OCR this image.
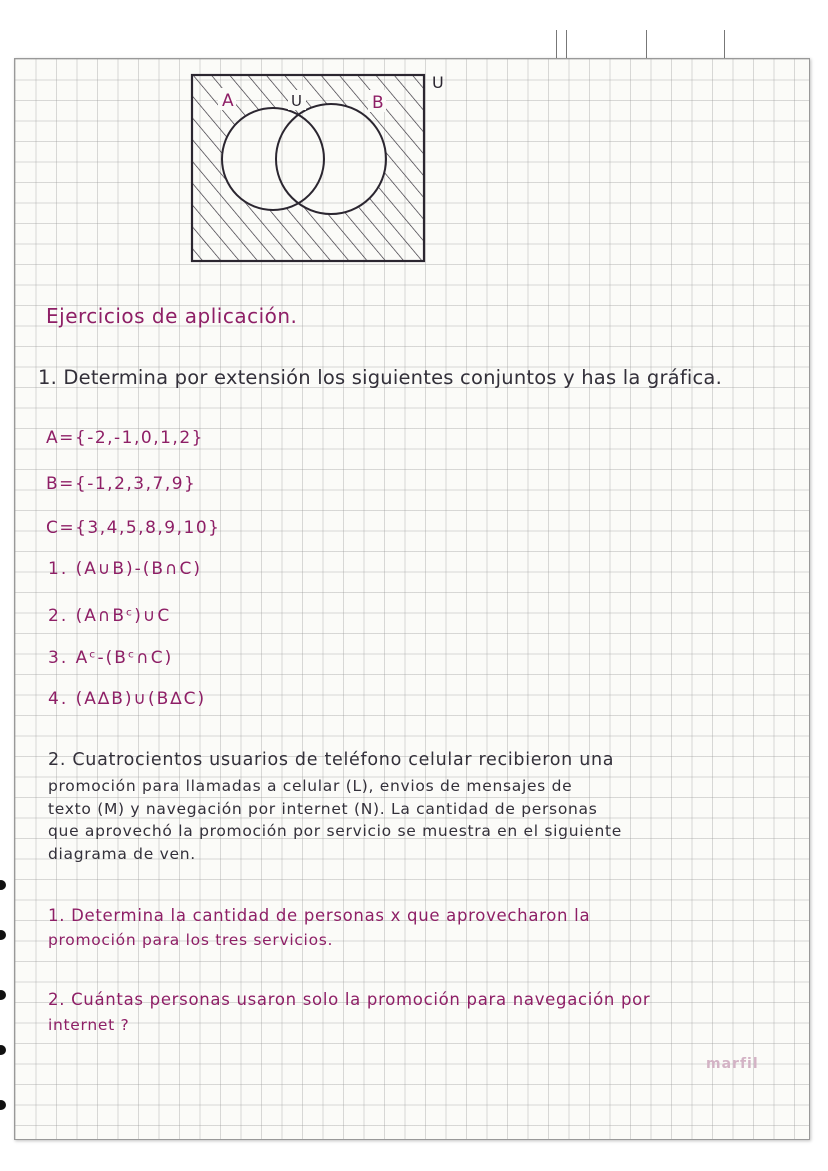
A	U	B
U

Ejercicios de aplicación.

1. Determina por extensión los siguientes conjuntos y has la gráfica.

A={-2,-1,0,1,2}

B={-1,2,3,7,9}

C={3,4,5,8,9,10}

1. (A∪B)-(B∩C)

2. (A∩Bᶜ)∪C

3. Aᶜ-(Bᶜ∩C)

4. (A∆B)∪(B∆C)

2. Cuatrocientos usuarios de teléfono celular recibieron una

promoción para llamadas a celular (L), envios de mensajes de

texto (M) y navegación por internet (N). La cantidad de personas

que aprovechó la promoción por servicio se muestra en el siguiente

diagrama de ven.

1. Determina la cantidad de personas x que aprovecharon la

promoción para los tres servicios.

2. Cuántas personas usaron solo la promoción para navegación por

internet ?

marfil
